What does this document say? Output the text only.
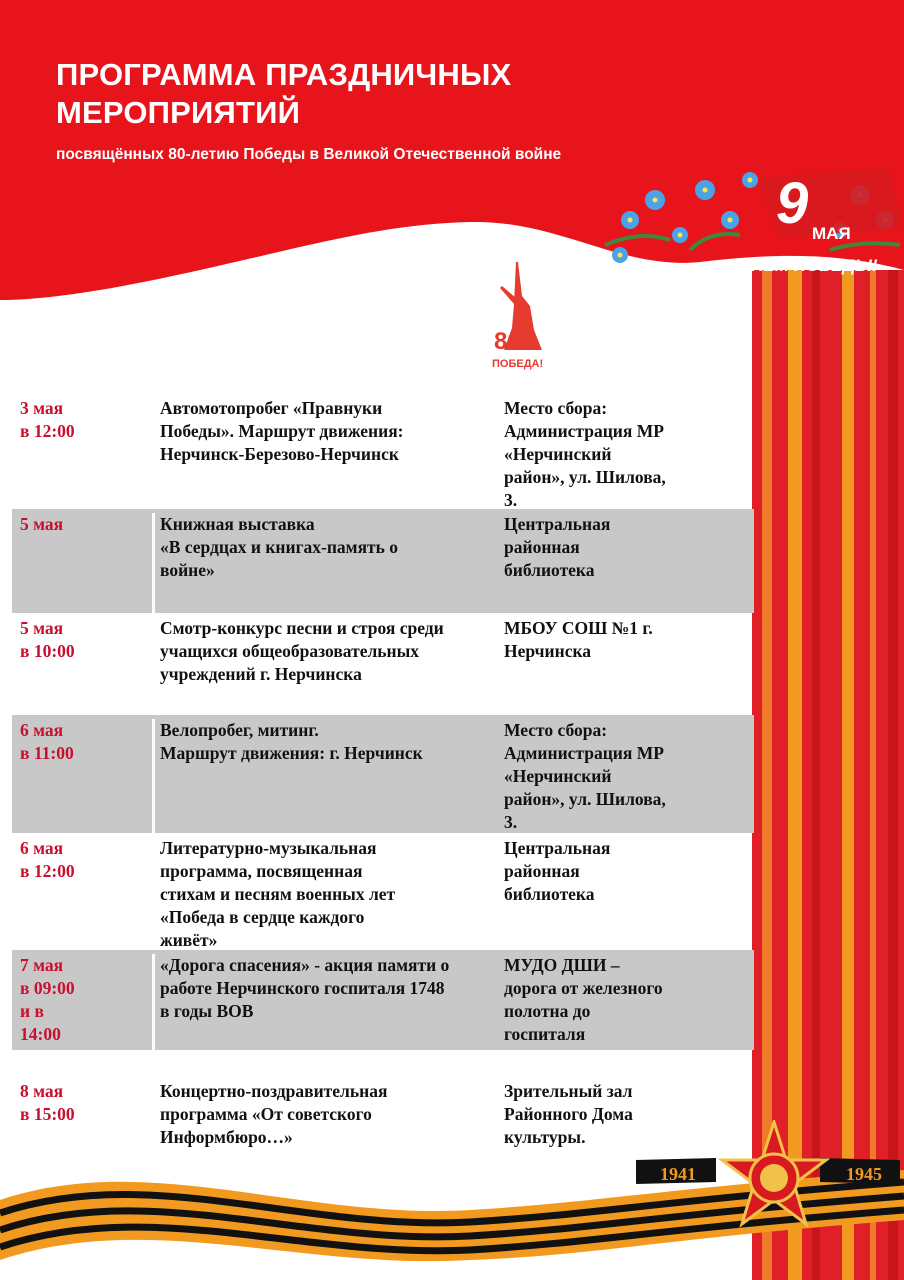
ПРОГРАММА ПРАЗДНИЧНЫХ
МЕРОПРИЯТИЙ
посвящённых 80-летию Победы в Великой Отечественной войне
9 МАЯ
С ДНЕМ ПОБЕДЫ!
80
ПОБЕДА!
3 мая
в 12:00
Автомотопробег «Правнуки
Победы». Маршрут движения:
Нерчинск-Березово-Нерчинск
Место сбора:
Администрация МР
«Нерчинский
район», ул. Шилова,
3.
5 мая	Книжная выставка
«В сердцах и книгах-память о
войне»
Центральная
районная
библиотека
5 мая
в 10:00
Смотр-конкурс песни и строя среди
учащихся общеобразовательных
учреждений г. Нерчинска
МБОУ СОШ №1 г.
Нерчинска
6 мая
в 11:00
Велопробег, митинг.
Маршрут движения: г. Нерчинск
Место сбора:
Администрация МР
«Нерчинский
район», ул. Шилова,
3.
6 мая
в 12:00
Литературно-музыкальная
программа, посвященная
стихам и песням военных лет
«Победа в сердце каждого
живёт»
Центральная
районная
библиотека
7 мая
в 09:00
и в
14:00
«Дорога спасения» - акция памяти о
работе Нерчинского госпиталя 1748
в годы ВОВ
МУДО ДШИ –
дорога от железного
полотна до
госпиталя
8 мая
в 15:00
Концертно-поздравительная
программа «От советского
Информбюро…»
Зрительный зал
Районного Дома
культуры.
1941	1945
